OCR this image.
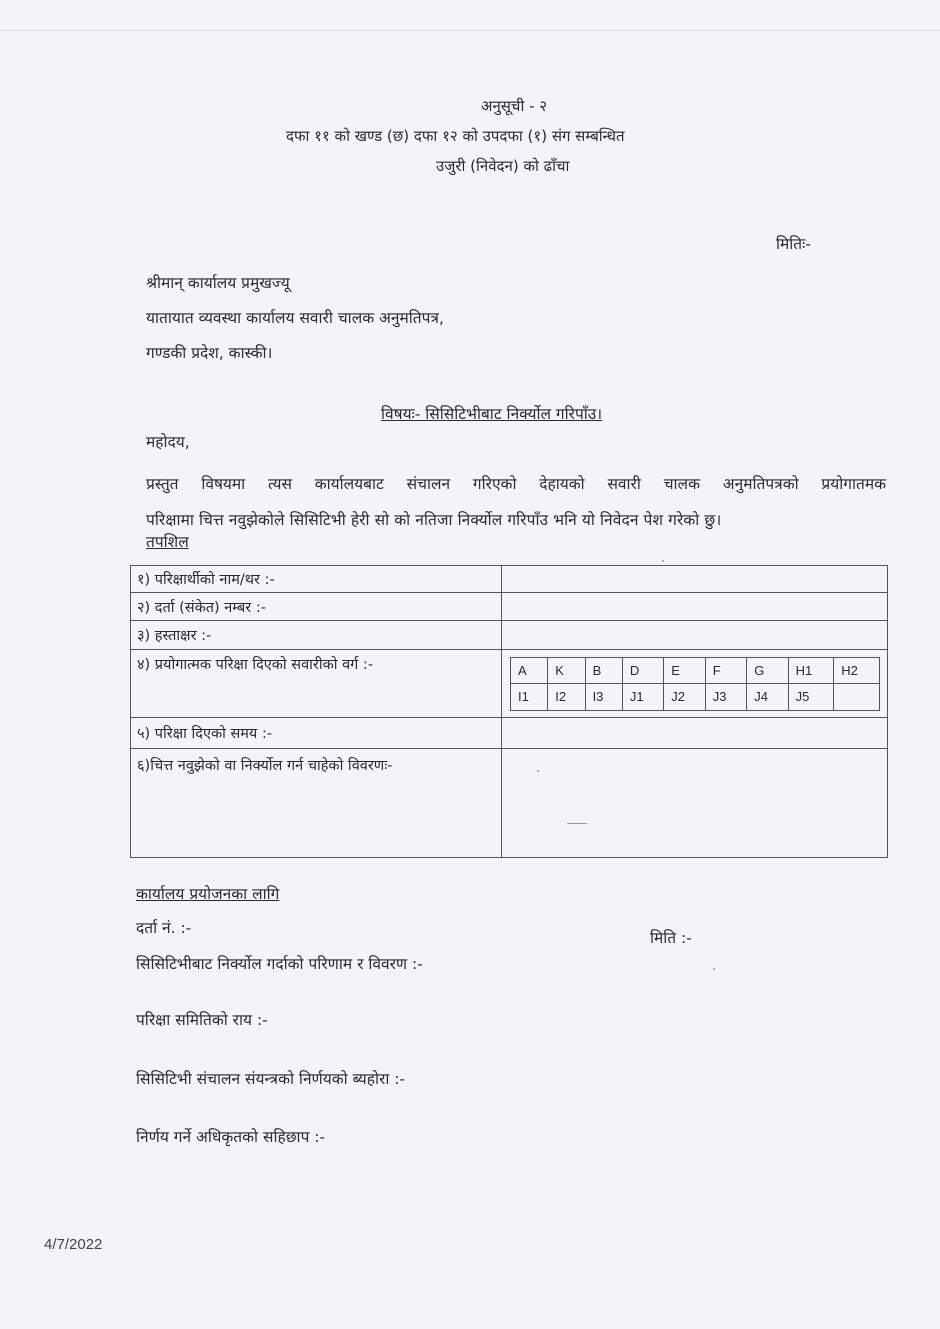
अनुसूची - २
दफा ११ को खण्ड (छ) दफा १२ को उपदफा (१) संग सम्बन्धित
उजुरी (निवेदन) को ढाँचा
मितिः-
श्रीमान् कार्यालय प्रमुखज्यू
यातायात व्यवस्था कार्यालय सवारी चालक अनुमतिपत्र,
गण्डकी प्रदेश, कास्की।
विषयः- सिसिटिभीबाट निर्क्योल गरिपाँउ।
महोदय,
प्रस्तुत विषयमा त्यस कार्यालयबाट संचालन गरिएको देहायको सवारी चालक अनुमतिपत्रको प्रयोगातमक
परिक्षामा चित्त नवुझेकोले सिसिटिभी हेरी सो को नतिजा निर्क्योल गरिपाँउ भनि यो निवेदन पेश गरेको छु।
तपशिल
१) परिक्षार्थीको नाम/थर :-	
२) दर्ता (संकेत) नम्बर :-	
३) हस्ताक्षर :-	
४) प्रयोगात्मक परिक्षा दिएको सवारीको वर्ग :-		A	K	B	D	E	F	G	H1	H2
I1	I2	I3	J1	J2	J3	J4	J5	

५) परिक्षा दिएको समय :-	
६)चित्त नवुझेको वा निर्क्योल गर्न चाहेको विवरणः-	
कार्यालय प्रयोजनका लागि
दर्ता नं. :-
मिति :-
सिसिटिभीबाट निर्क्योल गर्दाको परिणाम र विवरण :-
परिक्षा समितिको राय :-
सिसिटिभी संचालन संयन्त्रको निर्णयको ब्यहोरा :-
निर्णय गर्ने अधिकृतको सहिछाप :-
4/7/2022
